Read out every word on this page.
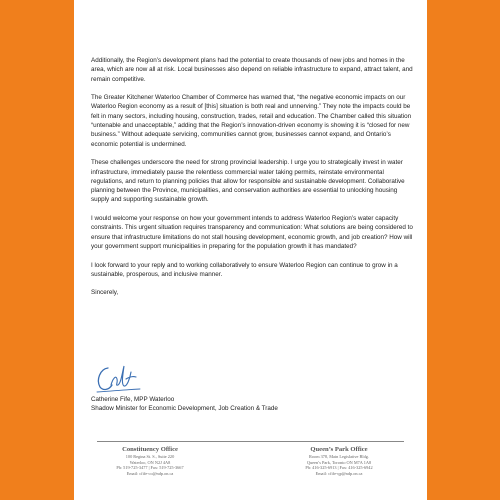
Additionally, the Region’s development plans had the potential to create thousands of new jobs and homes in the area, which are now all at risk. Local businesses also depend on reliable infrastructure to expand, attract talent, and remain competitive.

The Greater Kitchener Waterloo Chamber of Commerce has warned that, “the negative economic impacts on our Waterloo Region economy as a result of [this] situation is both real and unnerving.” They note the impacts could be felt in many sectors, including housing, construction, trades, retail and education. The Chamber called this situation “untenable and unacceptable,” adding that the Region’s innovation-driven economy is showing it is “closed for new business.” Without adequate servicing, communities cannot grow, businesses cannot expand, and Ontario’s economic potential is undermined.

These challenges underscore the need for strong provincial leadership. I urge you to strategically invest in water infrastructure, immediately pause the relentless commercial water taking permits, reinstate environmental regulations, and return to planning policies that allow for responsible and sustainable development. Collaborative planning between the Province, municipalities, and conservation authorities are essential to unlocking housing supply and supporting sustainable growth.

I would welcome your response on how your government intends to address Waterloo Region’s water capacity constraints. This urgent situation requires transparency and communication: What solutions are being considered to ensure that infrastructure limitations do not stall housing development, economic growth, and job creation? How will your government support municipalities in preparing for the population growth it has mandated?

I look forward to your reply and to working collaboratively to ensure Waterloo Region can continue to grow in a sustainable, prosperous, and inclusive manner.

Sincerely,

Catherine Fife, MPP Waterloo
Shadow Minister for Economic Development, Job Creation & Trade
Constituency Office
100 Regina St. S., Suite 220
Waterloo, ON N2J 4A8
Ph: 519-725-3477 | Fax: 519-725-3667
Email: cfife-co@ndp.on.ca
Queen’s Park Office
Room 378, Main Legislative Bldg.
Queen’s Park, Toronto ON M7A 1A8
Ph: 416-325-6913 | Fax: 416-325-6942
Email: cfife-qp@ndp.on.ca
